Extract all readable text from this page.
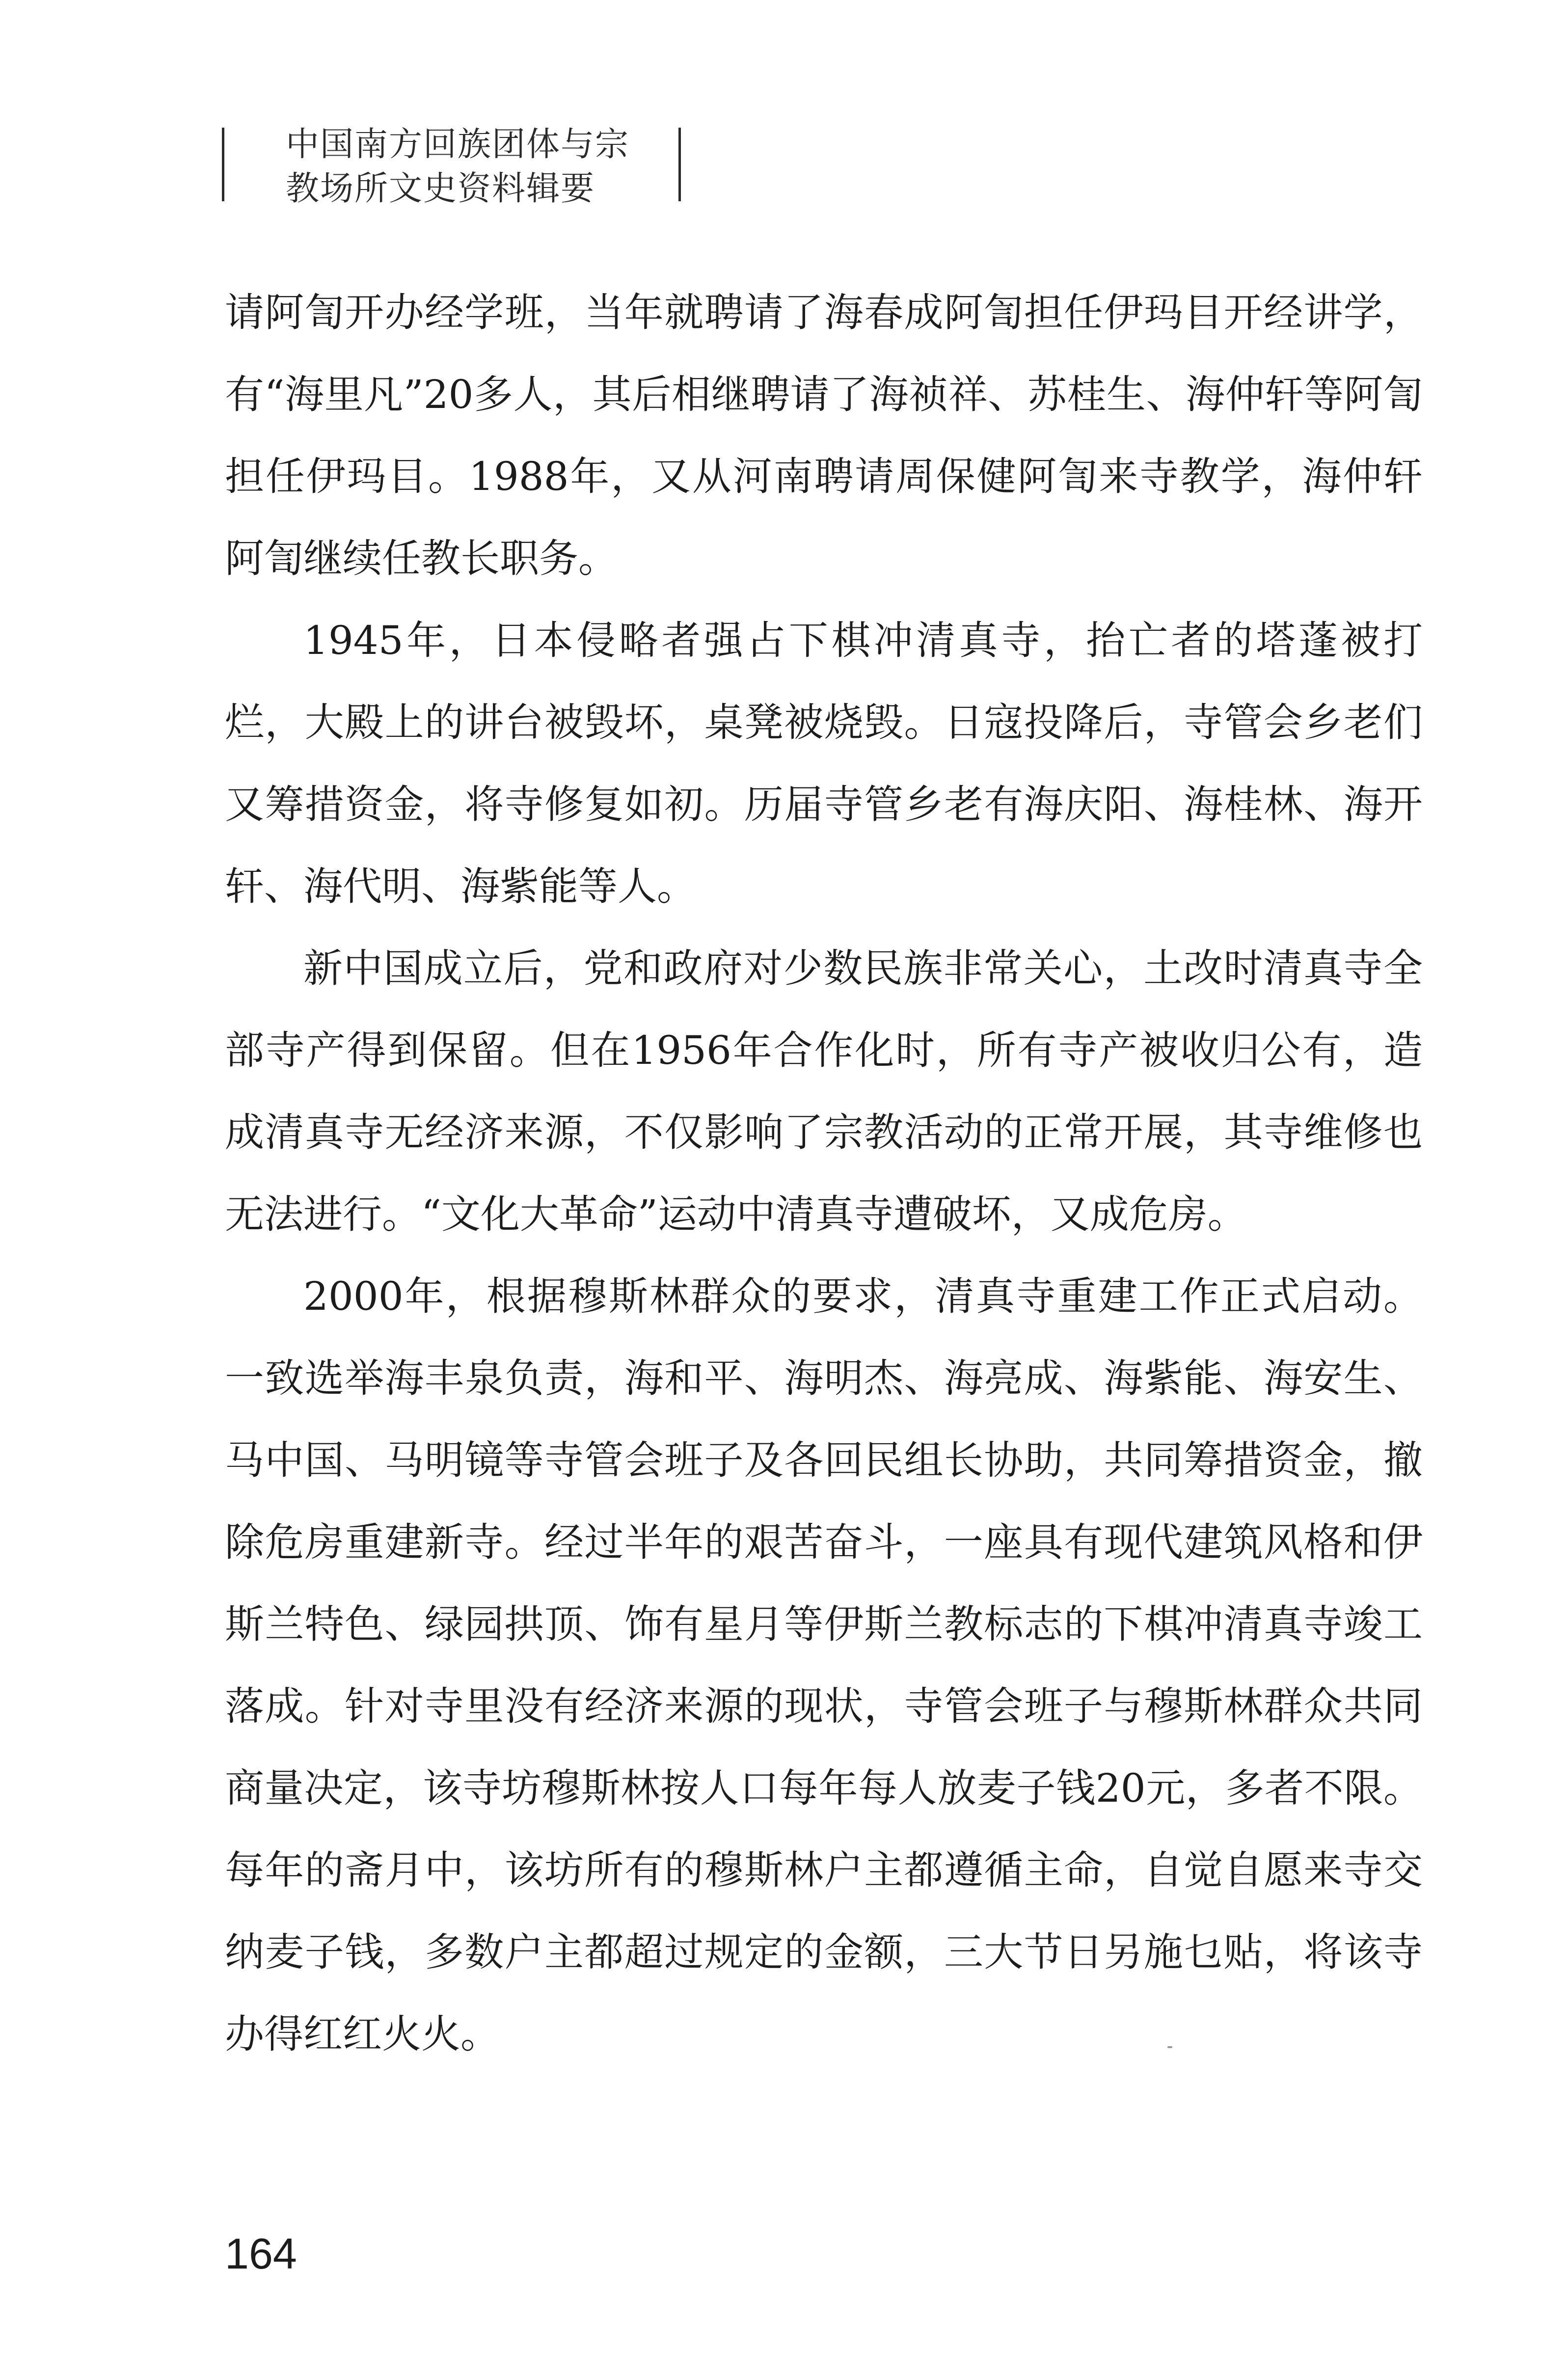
中国南方回族团体与宗
教场所文史资料辑要

请阿訇开办经学班，当年就聘请了海春成阿訇担任伊玛目开经讲学，有“海里凡”20多人，其后相继聘请了海祯祥、苏桂生、海仲轩等阿訇担任伊玛目。1988年，又从河南聘请周保健阿訇来寺教学，海仲轩阿訇继续任教长职务。

1945年，日本侵略者强占下棋冲清真寺，抬亡者的塔蓬被打烂，大殿上的讲台被毁坏，桌凳被烧毁。日寇投降后，寺管会乡老们又筹措资金，将寺修复如初。历届寺管乡老有海庆阳、海桂林、海开轩、海代明、海紫能等人。

新中国成立后，党和政府对少数民族非常关心，土改时清真寺全部寺产得到保留。但在1956年合作化时，所有寺产被收归公有，造成清真寺无经济来源，不仅影响了宗教活动的正常开展，其寺维修也无法进行。“文化大革命”运动中清真寺遭破坏，又成危房。

2000年，根据穆斯林群众的要求，清真寺重建工作正式启动。一致选举海丰泉负责，海和平、海明杰、海亮成、海紫能、海安生、马中国、马明镜等寺管会班子及各回民组长协助，共同筹措资金，撤除危房重建新寺。经过半年的艰苦奋斗，一座具有现代建筑风格和伊斯兰特色、绿园拱顶、饰有星月等伊斯兰教标志的下棋冲清真寺竣工落成。针对寺里没有经济来源的现状，寺管会班子与穆斯林群众共同商量决定，该寺坊穆斯林按人口每年每人放麦子钱20元，多者不限。每年的斋月中，该坊所有的穆斯林户主都遵循主命，自觉自愿来寺交纳麦子钱，多数户主都超过规定的金额，三大节日另施乜贴，将该寺办得红红火火。

164
